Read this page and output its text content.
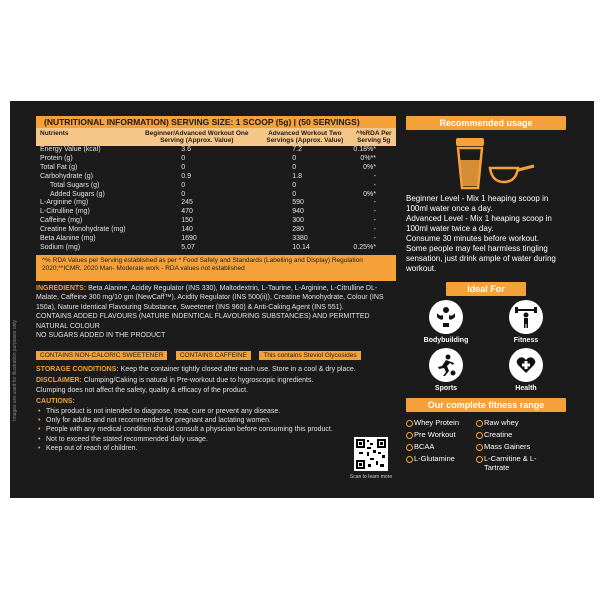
Images are used for illustration purposes only
(NUTRITIONAL INFORMATION) SERVING SIZE: 1 SCOOP (5g) | (50 SERVINGS)
Nutrients	Beginner/Advanced Workout One Serving (Approx. Value)	Advanced Workout Two Servings (Approx. Value)	^%RDA Per Serving 5g
Energy Value (kcal)	3.6	7.2	0.18%*
Protein (g)	0	0	0%**
Total Fat (g)	0	0	0%*
Carbohydrate (g)	0.9	1.8	-
Total Sugars (g)	0	0	-
Added Sugars (g)	0	0	0%*
L-Arginine (mg)	245	590	-
L-Citrulline (mg)	470	940	-
Caffeine (mg)	150	300	-
Creatine Monohydrate (mg)	140	280	-
Beta Alanine (mg)	1690	3380	-
Sodium (mg)	5.07	10.14	0.25%*
^% RDA Values per Serving established as per * Food Safety and Standards (Labelling and Display) Regulation 2020;**ICMR, 2020 Man- Moderate work - RDA values not established
INGREDIENTS: Beta Alanine, Acidity Regulator (INS 330), Maltodextrin, L-Taurine, L-Arginine, L-Citrulline DL-Malate, Caffeine 300 mg/10 gm (NewCaff™), Acidity Regulator (INS 500(ii)), Creatine Monohydrate, Colour (INS 150a), Nature Identical Flavouring Substance, Sweetener (INS 960) & Anti-Caking Agent (INS 551).
CONTAINS ADDED FLAVOURS (NATURE INDENTICAL FLAVOURING SUBSTANCES) AND PERMITTED NATURAL COLOUR
NO SUGARS ADDED IN THE PRODUCT
CONTAINS NON-CALORIC SWEETENER	CONTAINS CAFFEINE	This contains Steviol Glycosides
STORAGE CONDITIONS: Keep the container tightly closed after each use. Store in a cool & dry place.
DISCLAIMER: Clumping/Caking is natural in Pre-workout due to hygroscopic ingredients. Clumping does not affect the safety, quality & efficacy of the product.
CAUTIONS:
• This product is not intended to diagnose, treat, cure or prevent any disease.
• Only for adults and not recommended for pregnant and lactating women.
• People with any medical condition should consult a physician before consuming this product.
• Not to exceed the stated recommended daily usage.
• Keep out of reach of children.
Scan to learn more
Recommended usage
Beginner Level - Mix 1 heaping scoop in 100ml water once a day.
Advanced Level - Mix 1 heaping scoop in 100ml water twice a day.
Consume 30 minutes before workout.
Some people may feel harmless tingling sensation, just drink ample of water during workout.
Ideal For
Bodybuilding	Fitness
Sports	Health
Our complete fitness range
Whey Protein	Raw whey
Pre Workout	Creatine
BCAA	Mass Gainers
L-Glutamine	L-Carnitine & L-Tartrate
